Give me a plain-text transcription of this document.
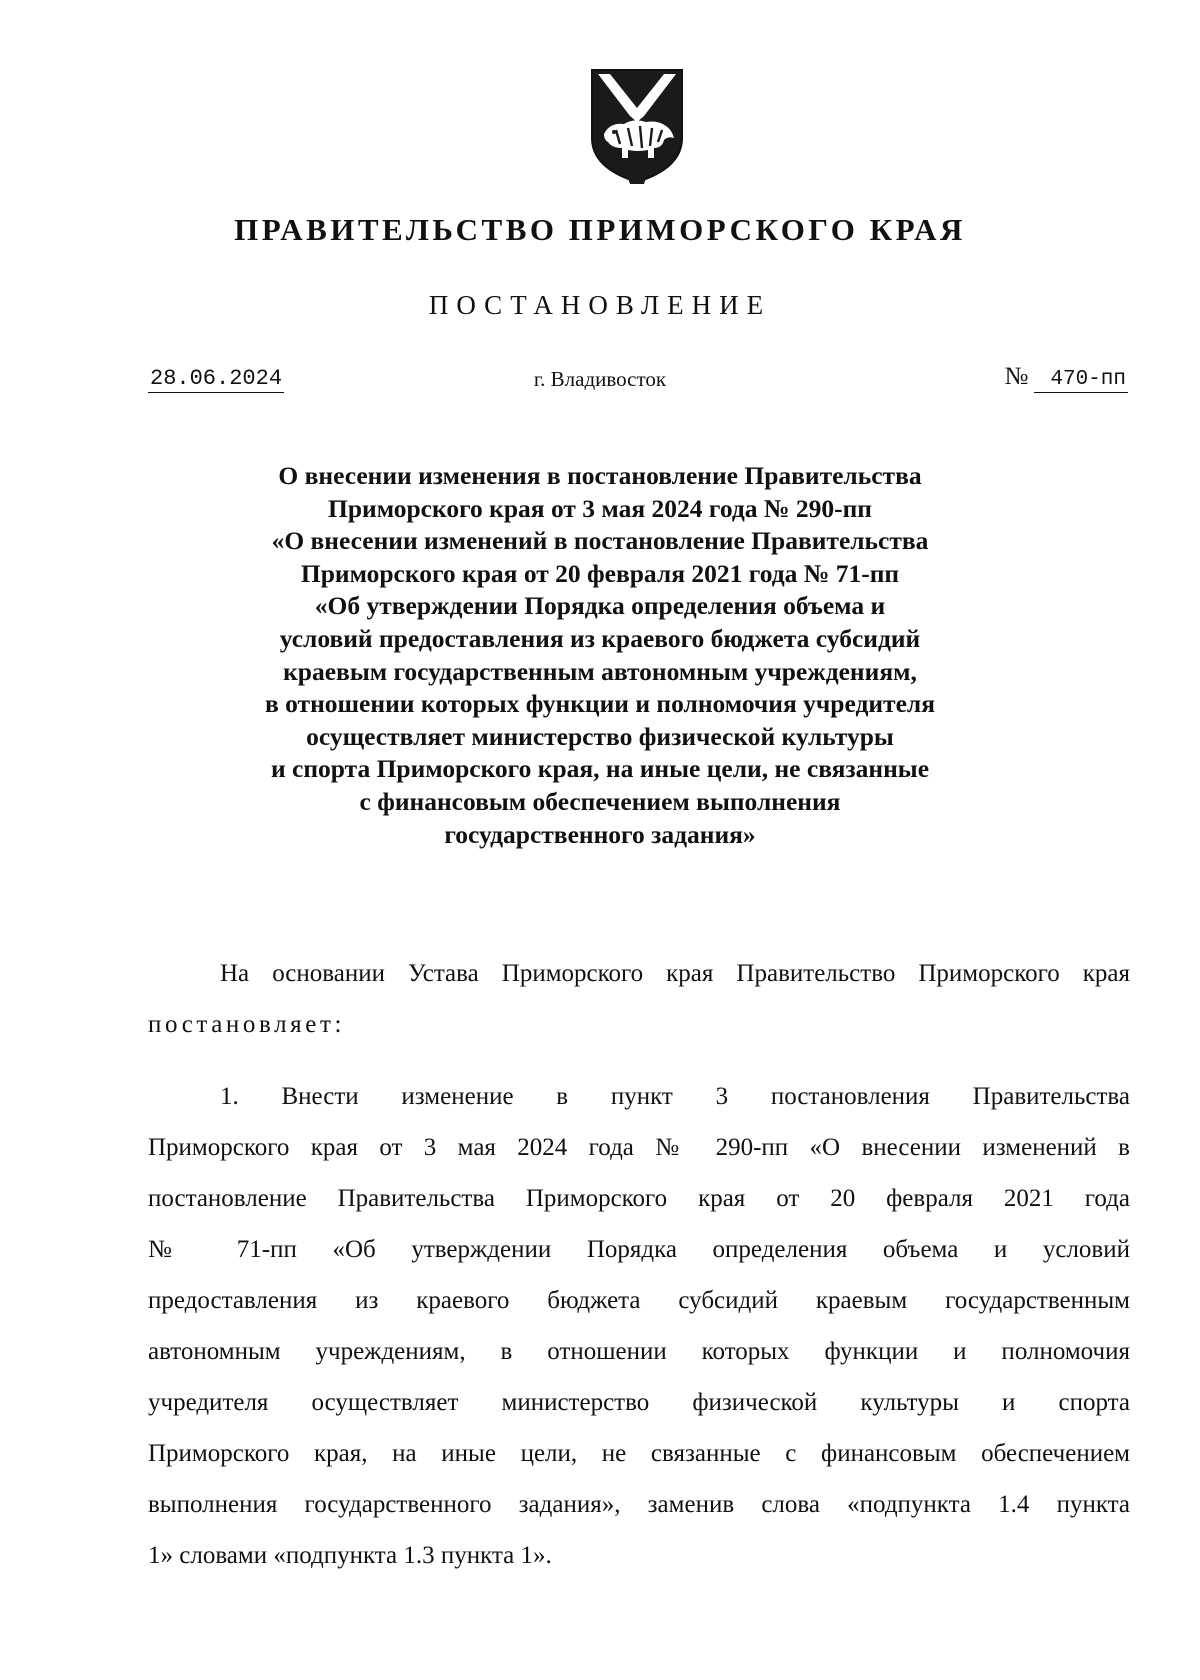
ПРАВИТЕЛЬСТВО ПРИМОРСКОГО КРАЯ
ПОСТАНОВЛЕНИЕ
28.06.2024	г. Владивосток	№ 470-пп
О внесении изменения в постановление Правительства
Приморского края от 3 мая 2024 года № 290-пп
«О внесении изменений в постановление Правительства
Приморского края от 20 февраля 2021 года № 71-пп
«Об утверждении Порядка определения объема и
условий предоставления из краевого бюджета субсидий
краевым государственным автономным учреждениям,
в отношении которых функции и полномочия учредителя
осуществляет министерство физической культуры
и спорта Приморского края, на иные цели, не связанные
с финансовым обеспечением выполнения
государственного задания»
На основании Устава Приморского края Правительство Приморского края
постановляет:
1. Внести изменение в пункт 3 постановления Правительства
Приморского края от 3 мая 2024 года № 290-пп «О внесении изменений в
постановление Правительства Приморского края от 20 февраля 2021 года
№ 71-пп «Об утверждении Порядка определения объема и условий
предоставления из краевого бюджета субсидий краевым государственным
автономным учреждениям, в отношении которых функции и полномочия
учредителя осуществляет министерство физической культуры и спорта
Приморского края, на иные цели, не связанные с финансовым обеспечением
выполнения государственного задания», заменив слова «подпункта 1.4 пункта
1» словами «подпункта 1.3 пункта 1».
